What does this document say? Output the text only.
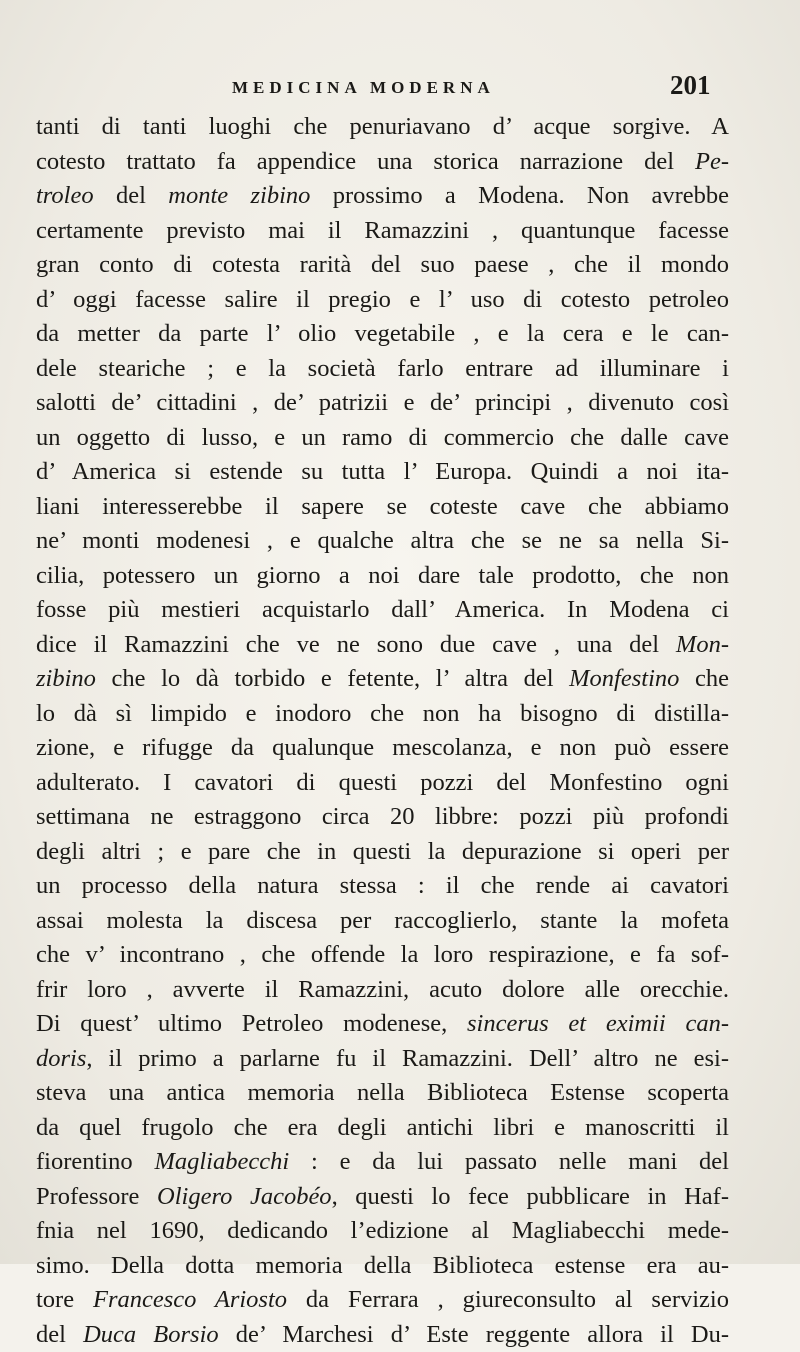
MEDICINA MODERNA	201
tanti di tanti luoghi che penuriavano d’ acque sorgive. A
cotesto trattato fa appendice una storica narrazione del Pe-
troleo del monte zibino prossimo a Modena. Non avrebbe
certamente previsto mai il Ramazzini , quantunque facesse
gran conto di cotesta rarità del suo paese , che il mondo
d’ oggi facesse salire il pregio e l’ uso di cotesto petroleo
da metter da parte l’ olio vegetabile , e la cera e le can-
dele steariche ; e la società farlo entrare ad illuminare i
salotti de’ cittadini , de’ patrizii e de’ principi , divenuto così
un oggetto di lusso, e un ramo di commercio che dalle cave
d’ America si estende su tutta l’ Europa. Quindi a noi ita-
liani interesserebbe il sapere se coteste cave che abbiamo
ne’ monti modenesi , e qualche altra che se ne sa nella Si-
cilia, potessero un giorno a noi dare tale prodotto, che non
fosse più mestieri acquistarlo dall’ America. In Modena ci
dice il Ramazzini che ve ne sono due cave , una del Mon-
zibino che lo dà torbido e fetente, l’ altra del Monfestino che
lo dà sì limpido e inodoro che non ha bisogno di distilla-
zione, e rifugge da qualunque mescolanza, e non può essere
adulterato. I cavatori di questi pozzi del Monfestino ogni
settimana ne estraggono circa 20 libbre: pozzi più profondi
degli altri ; e pare che in questi la depurazione si operi per
un processo della natura stessa : il che rende ai cavatori
assai molesta la discesa per raccoglierlo, stante la mofeta
che v’ incontrano , che offende la loro respirazione, e fa sof-
frir loro , avverte il Ramazzini, acuto dolore alle orecchie.
Di quest’ ultimo Petroleo modenese, sincerus et eximii can-
doris, il primo a parlarne fu il Ramazzini. Dell’ altro ne esi-
steva una antica memoria nella Biblioteca Estense scoperta
da quel frugolo che era degli antichi libri e manoscritti il
fiorentino Magliabecchi : e da lui passato nelle mani del
Professore Oligero Jacobéo, questi lo fece pubblicare in Haf-
fnia nel 1690, dedicando l’edizione al Magliabecchi mede-
simo. Della dotta memoria della Biblioteca estense era au-
tore Francesco Ariosto da Ferrara , giureconsulto al servizio
del Duca Borsio de’ Marchesi d’ Este reggente allora il Du-
